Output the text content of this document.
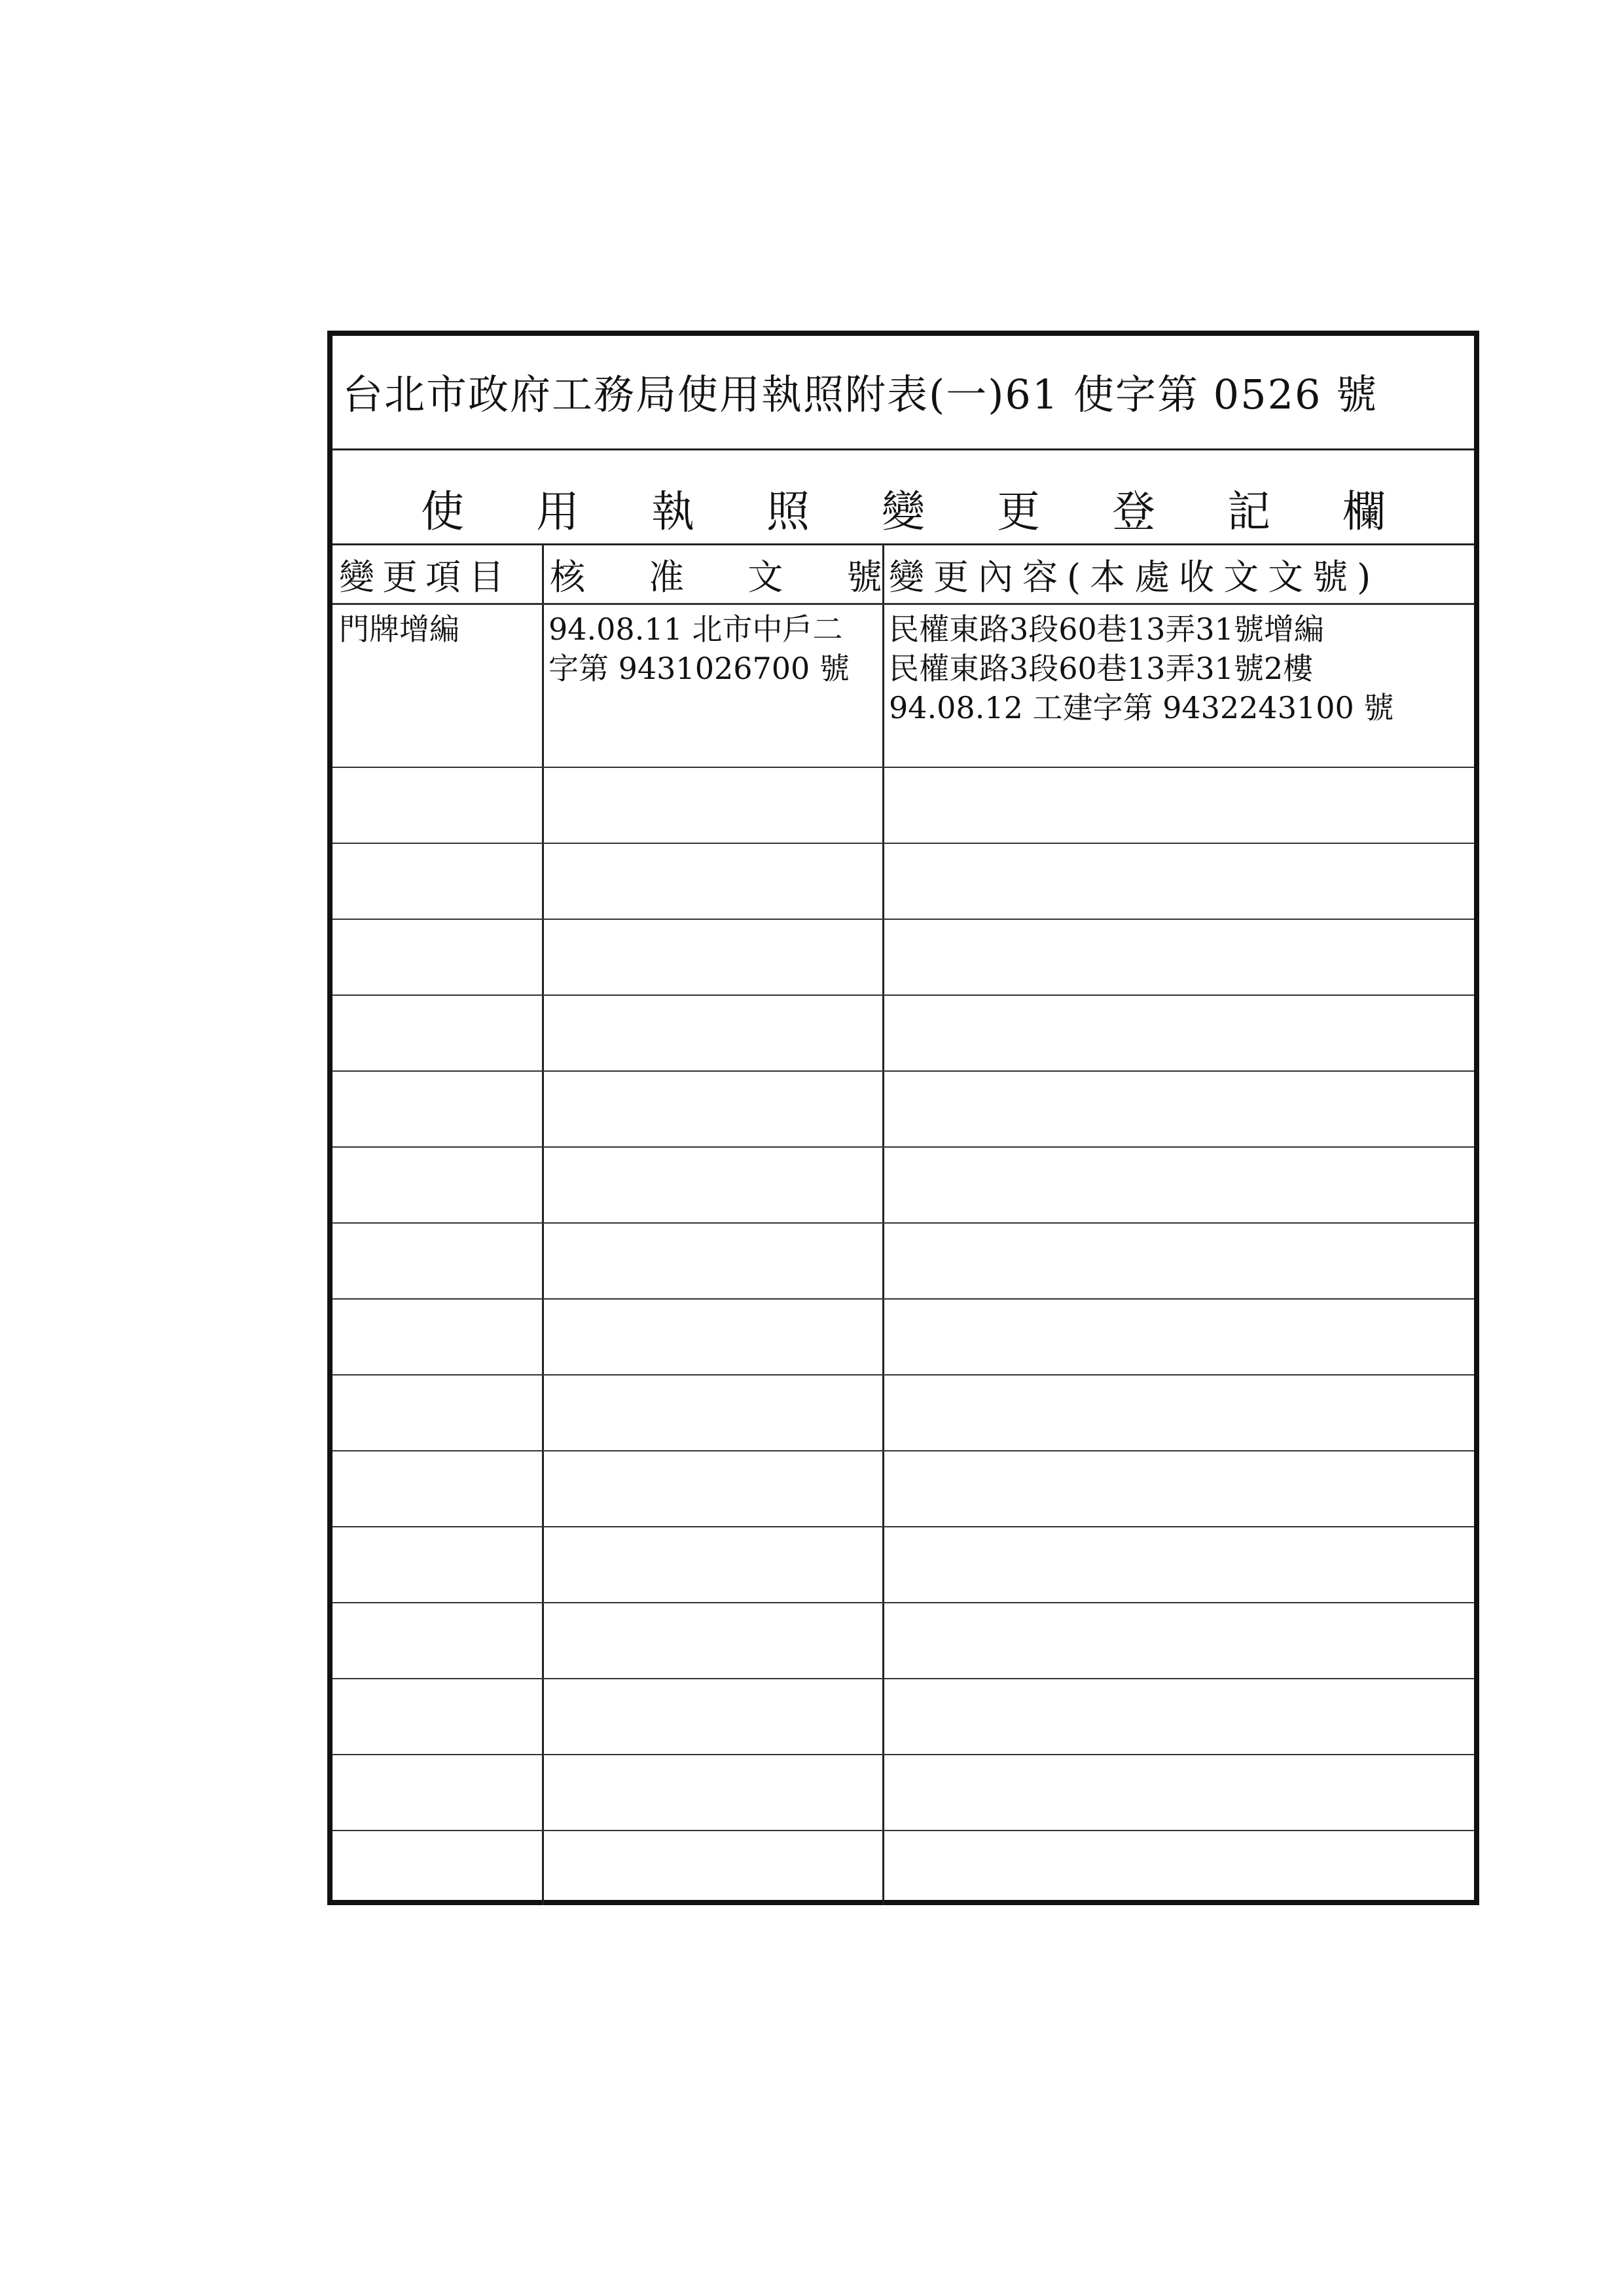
台北市政府工務局使用執照附表(一)61 使字第 0526 號
使用執照變更登記欄
變更項目 核 准 文 號
變更內容(本處收文文號)
門牌增編	94.08.11 北市中戶二
字第 9431026700 號
民權東路3段60巷13弄31號增編
民權東路3段60巷13弄31號2樓
94.08.12 工建字第 9432243100 號
